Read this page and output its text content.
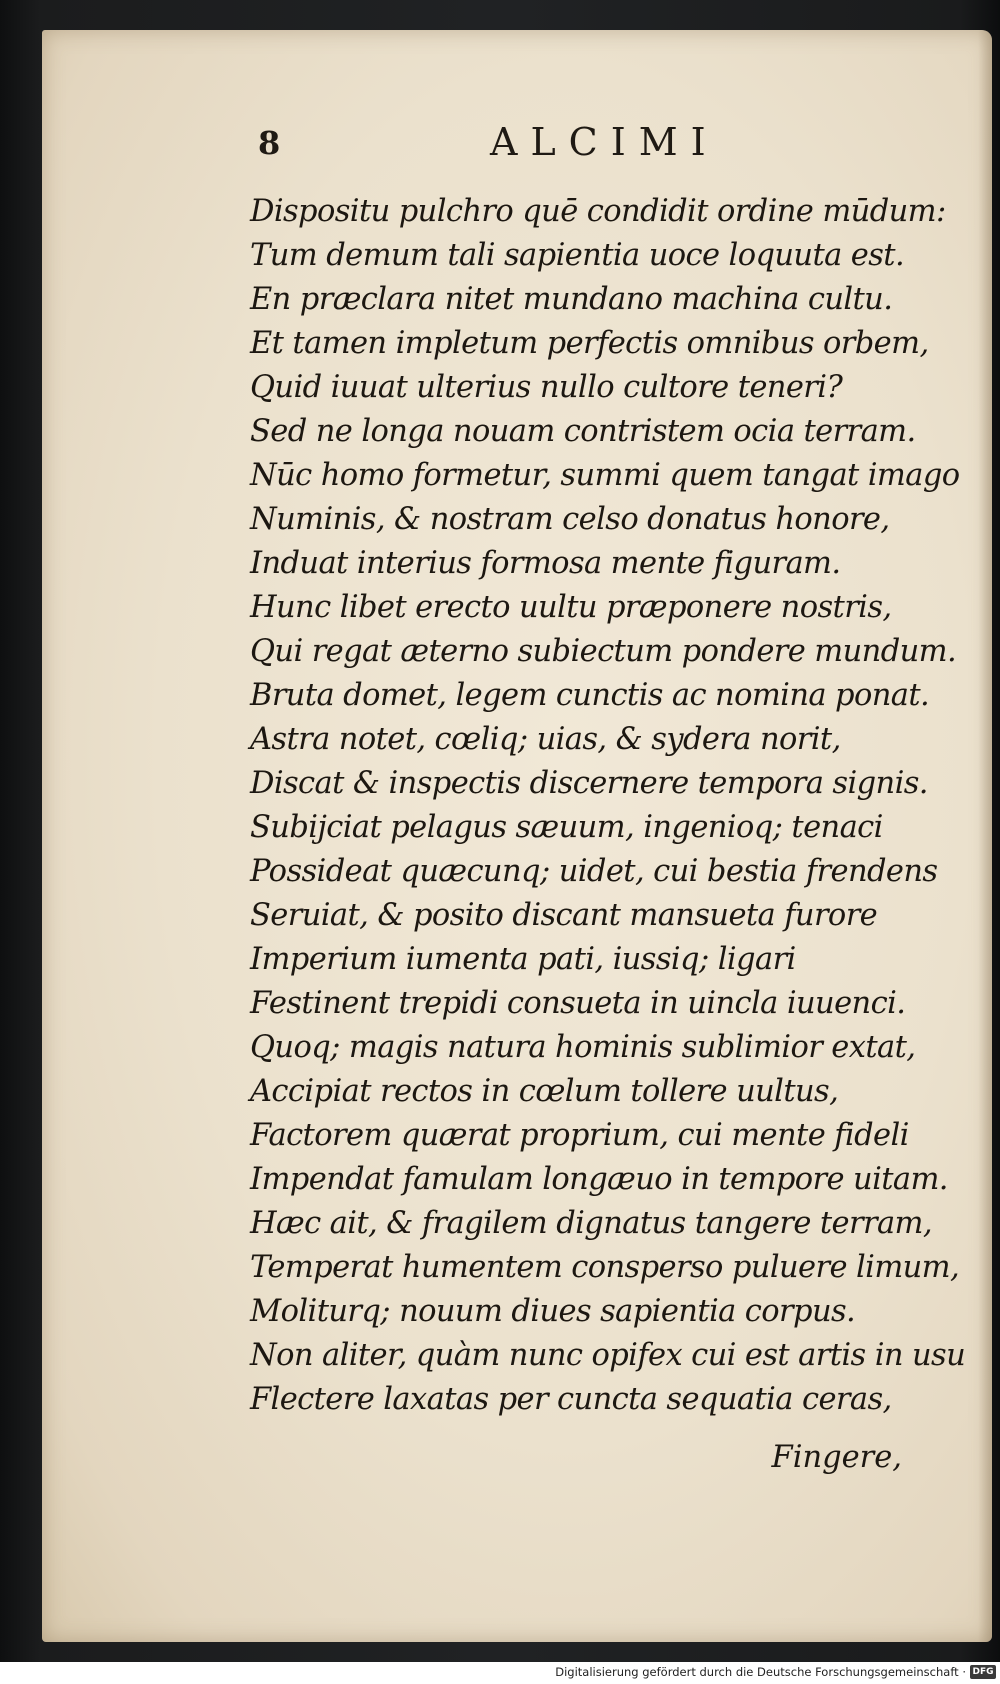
8	ALCIMI
Dispositu pulchro quē condidit ordine mūdum:
Tum demum tali sapientia uoce loquuta est.
En præclara nitet mundano machina cultu.
Et tamen impletum perfectis omnibus orbem,
Quid iuuat ulterius nullo cultore teneri?
Sed ne longa nouam contristem ocia terram.
Nūc homo formetur, summi quem tangat imago
Numinis, & nostram celso donatus honore,
Induat interius formosa mente figuram.
Hunc libet erecto uultu præponere nostris,
Qui regat æterno subiectum pondere mundum.
Bruta domet, legem cunctis ac nomina ponat.
Astra notet, cœliq; uias, & sydera norit,
Discat & inspectis discernere tempora signis.
Subijciat pelagus sæuum, ingenioq; tenaci
Possideat quæcunq; uidet, cui bestia frendens
Seruiat, & posito discant mansueta furore
Imperium iumenta pati, iussiq; ligari
Festinent trepidi consueta in uincla iuuenci.
Quoq; magis natura hominis sublimior extat,
Accipiat rectos in cœlum tollere uultus,
Factorem quærat proprium, cui mente fideli
Impendat famulam longæuo in tempore uitam.
Hæc ait, & fragilem dignatus tangere terram,
Temperat humentem consperso puluere limum,
Moliturq; nouum diues sapientia corpus.
Non aliter, quàm nunc opifex cui est artis in usu
Flectere laxatas per cuncta sequatia ceras,
Fingere,
Digitalisierung gefördert durch die Deutsche Forschungsgemeinschaft · DFG
